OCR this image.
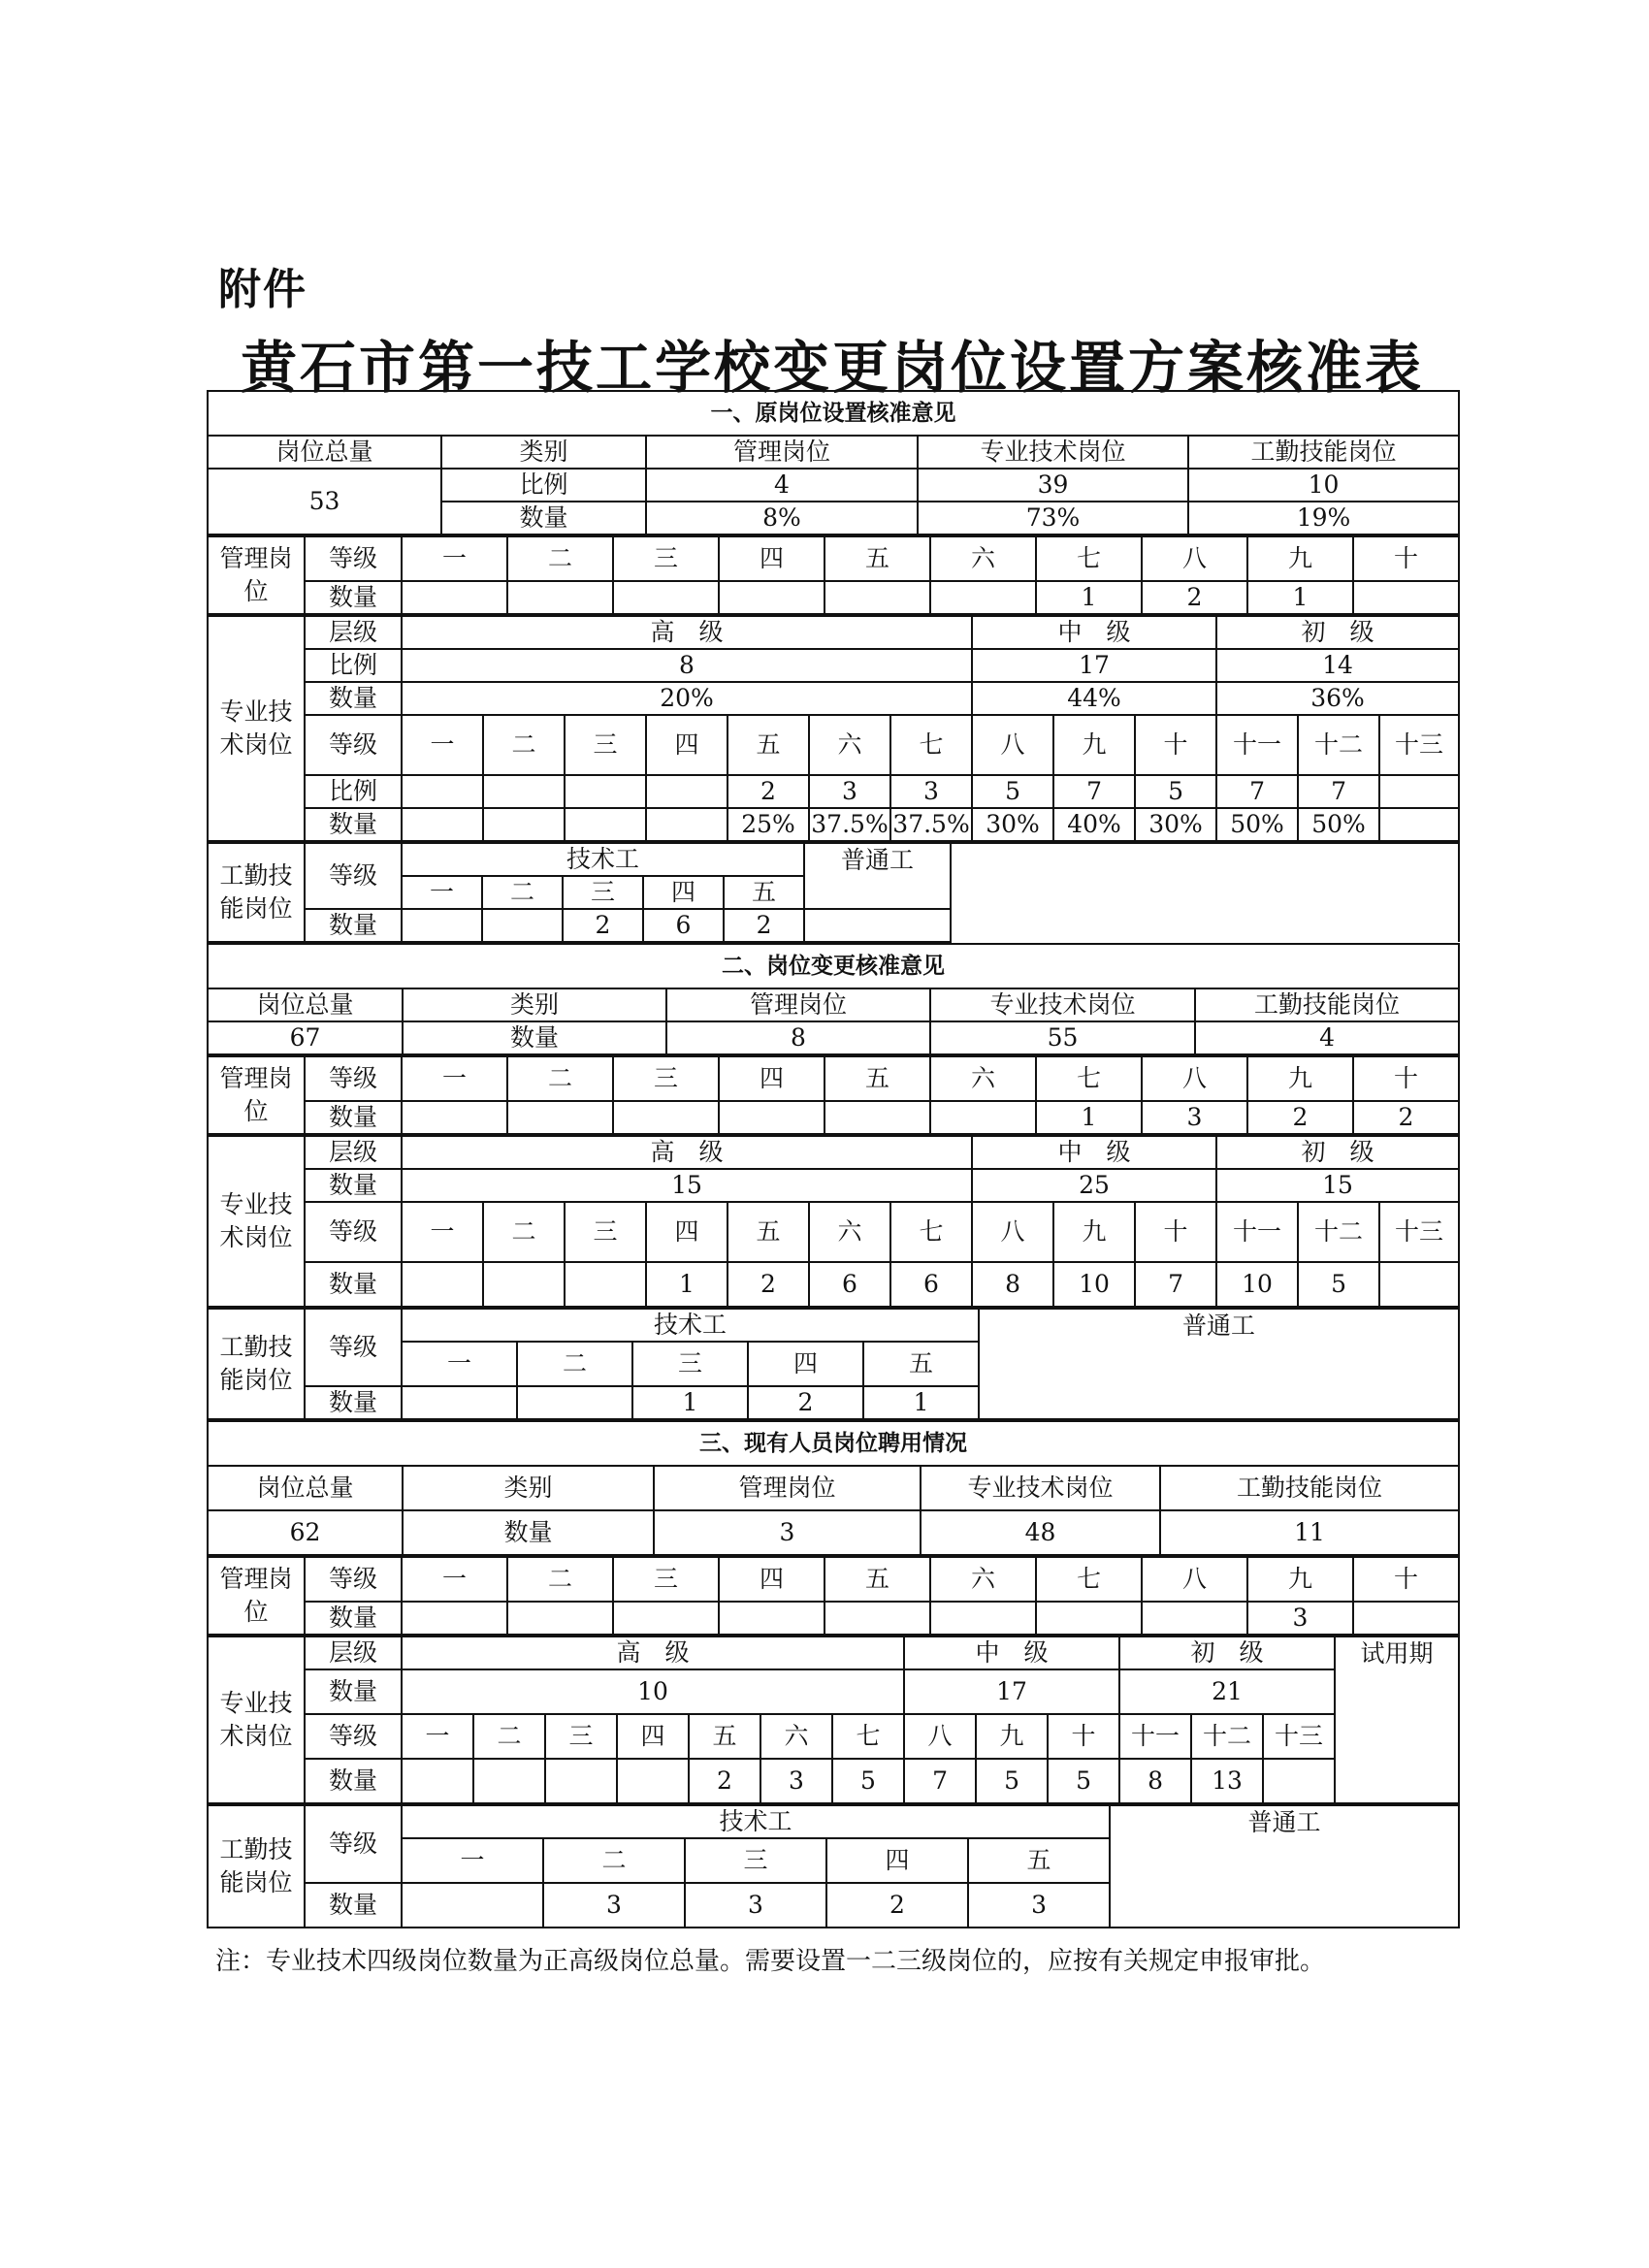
附件
黄石市第一技工学校变更岗位设置方案核准表
一、原岗位设置核准意见				
岗位总量	类别	管理岗位	专业技术岗位	工勤技能岗位
53	比例	4	39	10
	数量	8%	73%	19%
管理岗位	等级	一	二	三	四	五	六	七	八	九	十
	数量							1	2	1	
专业技术岗位	层级	高　级							中　级			初　级		
	比例	8							17			14		
	数量	20%							44%			36%		
	等级	一	二	三	四	五	六	七	八	九	十	十一	十二	十三
	比例					2	3	3	5	7	5	7	7	
	数量					25%	37.5%	37.5%	30%	40%	30%	50%	50%	
工勤技能岗位	等级	技术工					普通工	
		一	二	三	四	五		
	数量			2	6	2		
二、岗位变更核准意见				
岗位总量	类别	管理岗位	专业技术岗位	工勤技能岗位
67	数量	8	55	4
管理岗位	等级	一	二	三	四	五	六	七	八	九	十
	数量							1	3	2	2
专业技术岗位	层级	高　级							中　级			初　级		
	数量	15							25			15		
	等级	一	二	三	四	五	六	七	八	九	十	十一	十二	十三
	数量				1	2	6	6	8	10	7	10	5	
工勤技能岗位	等级	技术工					普通工
		一	二	三	四	五	
	数量			1	2	1	
三、现有人员岗位聘用情况				
岗位总量	类别	管理岗位	专业技术岗位	工勤技能岗位
62	数量	3	48	11
管理岗位	等级	一	二	三	四	五	六	七	八	九	十
	数量									3	
专业技术岗位	层级	高　级							中　级			初　级			试用期
	数量	10							17			21			
	等级	一	二	三	四	五	六	七	八	九	十	十一	十二	十三	
	数量					2	3	5	7	5	5	8	13		
工勤技能岗位	等级	技术工					普通工
		一	二	三	四	五	
	数量		3	3	2	3	
注：专业技术四级岗位数量为正高级岗位总量。需要设置一二三级岗位的，应按有关规定申报审批。
